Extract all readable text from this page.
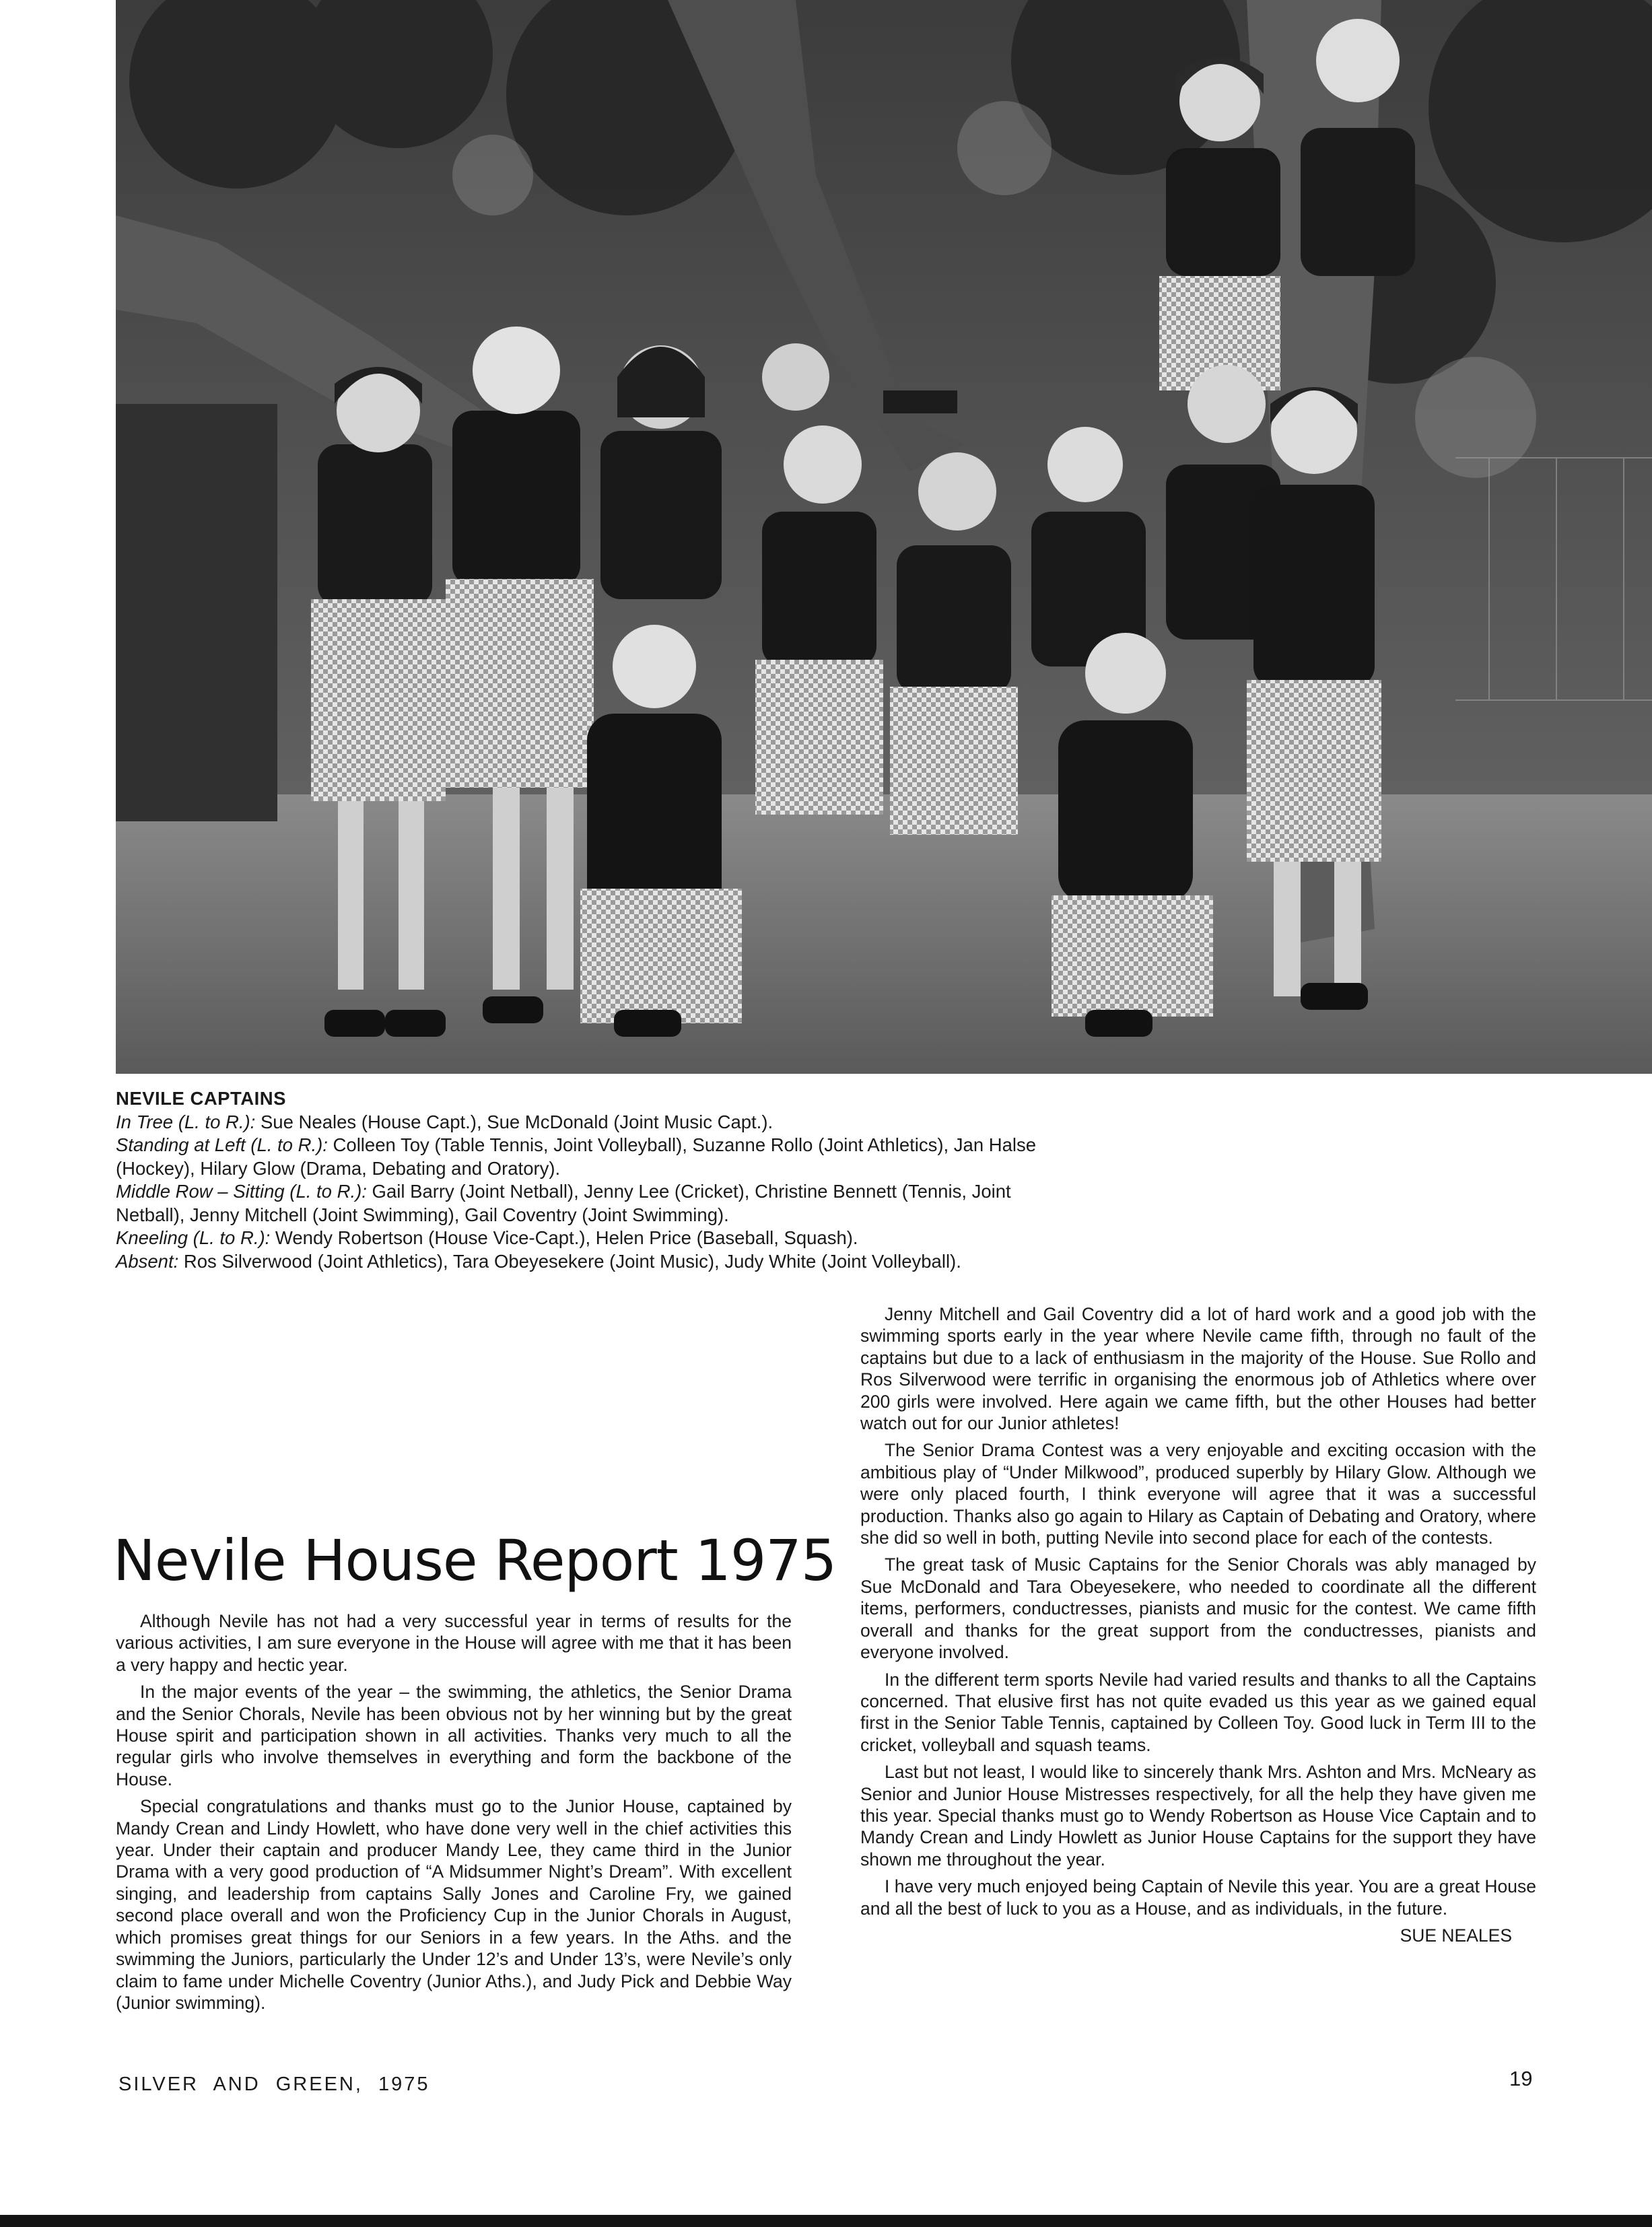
NEVILE CAPTAINS

In Tree (L. to R.): Sue Neales (House Capt.), Sue McDonald (Joint Music Capt.).

Standing at Left (L. to R.): Colleen Toy (Table Tennis, Joint Volleyball), Suzanne Rollo (Joint Athletics), Jan Halse

(Hockey), Hilary Glow (Drama, Debating and Oratory).

Middle Row – Sitting (L. to R.): Gail Barry (Joint Netball), Jenny Lee (Cricket), Christine Bennett (Tennis, Joint

Netball), Jenny Mitchell (Joint Swimming), Gail Coventry (Joint Swimming).

Kneeling (L. to R.): Wendy Robertson (House Vice-Capt.), Helen Price (Baseball, Squash).

Absent: Ros Silverwood (Joint Athletics), Tara Obeyesekere (Joint Music), Judy White (Joint Volleyball).

Nevile House Report 1975

Although Nevile has not had a very successful year in terms of results for the various activities, I am sure everyone in the House will agree with me that it has been a very happy and hectic year.

In the major events of the year – the swimming, the athletics, the Senior Drama and the Senior Chorals, Nevile has been obvious not by her winning but by the great House spirit and participation shown in all activities. Thanks very much to all the regular girls who involve themselves in everything and form the backbone of the House.

Special congratulations and thanks must go to the Junior House, captained by Mandy Crean and Lindy Howlett, who have done very well in the chief activities this year. Under their captain and producer Mandy Lee, they came third in the Junior Drama with a very good production of “A Midsummer Night’s Dream”. With excellent singing, and leadership from captains Sally Jones and Caroline Fry, we gained second place overall and won the Proficiency Cup in the Junior Chorals in August, which promises great things for our Seniors in a few years. In the Aths. and the swimming the Juniors, particularly the Under 12’s and Under 13’s, were Nevile’s only claim to fame under Michelle Coventry (Junior Aths.), and Judy Pick and Debbie Way (Junior swimming).

Jenny Mitchell and Gail Coventry did a lot of hard work and a good job with the swimming sports early in the year where Nevile came fifth, through no fault of the captains but due to a lack of enthusiasm in the majority of the House. Sue Rollo and Ros Silverwood were terrific in organising the enormous job of Athletics where over 200 girls were involved. Here again we came fifth, but the other Houses had better watch out for our Junior athletes!

The Senior Drama Contest was a very enjoyable and exciting occasion with the ambitious play of “Under Milkwood”, produced superbly by Hilary Glow. Although we were only placed fourth, I think everyone will agree that it was a successful production. Thanks also go again to Hilary as Captain of Debating and Oratory, where she did so well in both, putting Nevile into second place for each of the contests.

The great task of Music Captains for the Senior Chorals was ably managed by Sue McDonald and Tara Obeyesekere, who needed to coordinate all the different items, performers, conductresses, pianists and music for the contest. We came fifth overall and thanks for the great support from the conductresses, pianists and everyone involved.

In the different term sports Nevile had varied results and thanks to all the Captains concerned. That elusive first has not quite evaded us this year as we gained equal first in the Senior Table Tennis, captained by Colleen Toy. Good luck in Term III to the cricket, volleyball and squash teams.

Last but not least, I would like to sincerely thank Mrs. Ashton and Mrs. McNeary as Senior and Junior House Mistresses respectively, for all the help they have given me this year. Special thanks must go to Wendy Robertson as House Vice Captain and to Mandy Crean and Lindy Howlett as Junior House Captains for the support they have shown me throughout the year.

I have very much enjoyed being Captain of Nevile this year. You are a great House and all the best of luck to you as a House, and as individuals, in the future.

SUE NEALES

SILVER AND GREEN, 1975	19
